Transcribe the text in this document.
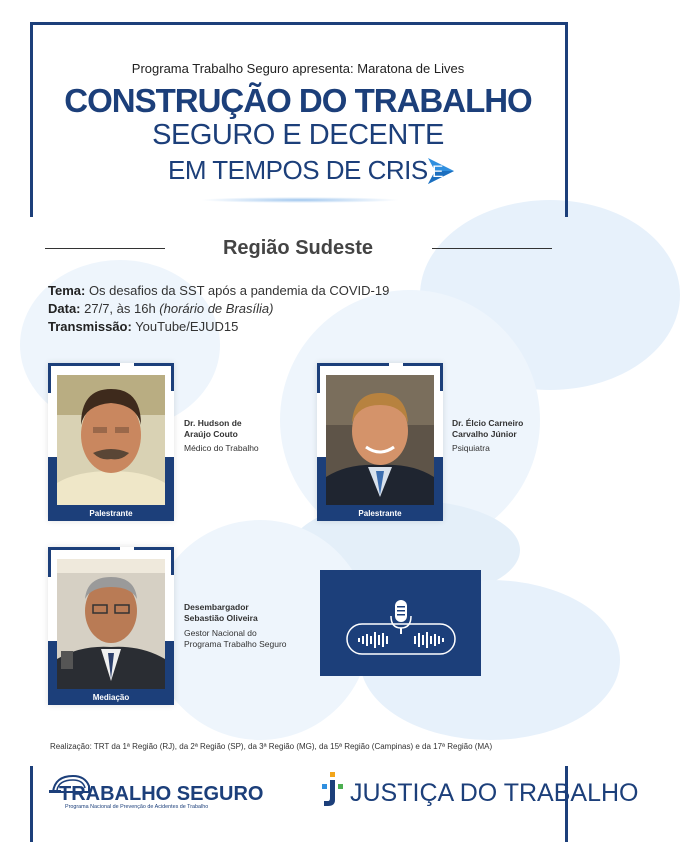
Programa Trabalho Seguro apresenta: Maratona de Lives
CONSTRUÇÃO DO TRABALHO
SEGURO E DECENTE
EM TEMPOS DE CRIS E
Região Sudeste
Tema: Os desafios da SST após a pandemia da COVID-19
Data: 27/7, às 16h (horário de Brasília)
Transmissão: YouTube/EJUD15
Palestrante
Dr. Hudson de
Araújo Couto
Médico do Trabalho
Palestrante
Dr. Élcio Carneiro
Carvalho Júnior
Psiquiatra
Mediação
Desembargador
Sebastião Oliveira
Gestor Nacional do
Programa Trabalho Seguro
Realização: TRT da 1ª Região (RJ), da 2ª Região (SP), da 3ª Região (MG), da 15ª Região (Campinas) e da 17ª Região (MA)
TRABALHO SEGURO
Programa Nacional de Prevenção de Acidentes de Trabalho	JUSTIÇA DO TRABALHO
